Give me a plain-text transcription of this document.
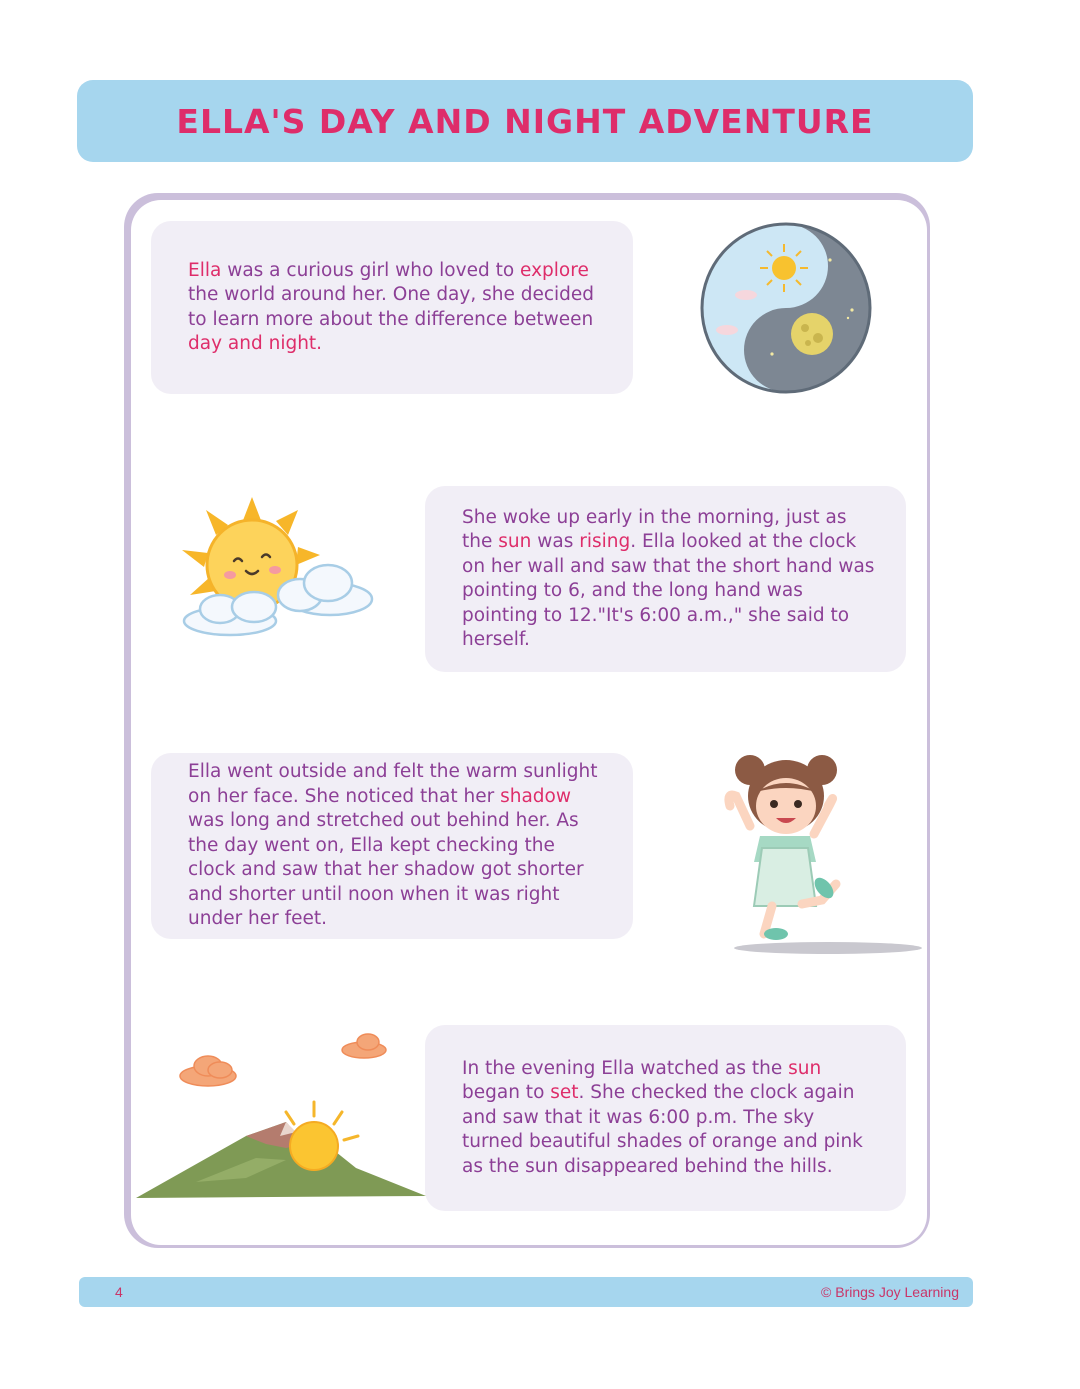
ELLA'S DAY AND NIGHT ADVENTURE

Ella was a curious girl who loved to explore the world around her. One day, she decided to learn more about the difference between day and night.

She woke up early in the morning, just as the sun was rising. Ella looked at the clock on her wall and saw that the short hand was pointing to 6, and the long hand was pointing to 12."It's 6:00 a.m.," she said to herself.

Ella went outside and felt the warm sunlight on her face. She noticed that her shadow was long and stretched out behind her. As the day went on, Ella kept checking the clock and saw that her shadow got shorter and shorter until noon when it was right under her feet.

In the evening Ella watched as the sun began to set. She checked the clock again and saw that it was 6:00 p.m. The sky turned beautiful shades of orange and pink as the sun disappeared behind the hills.

4	© Brings Joy Learning
